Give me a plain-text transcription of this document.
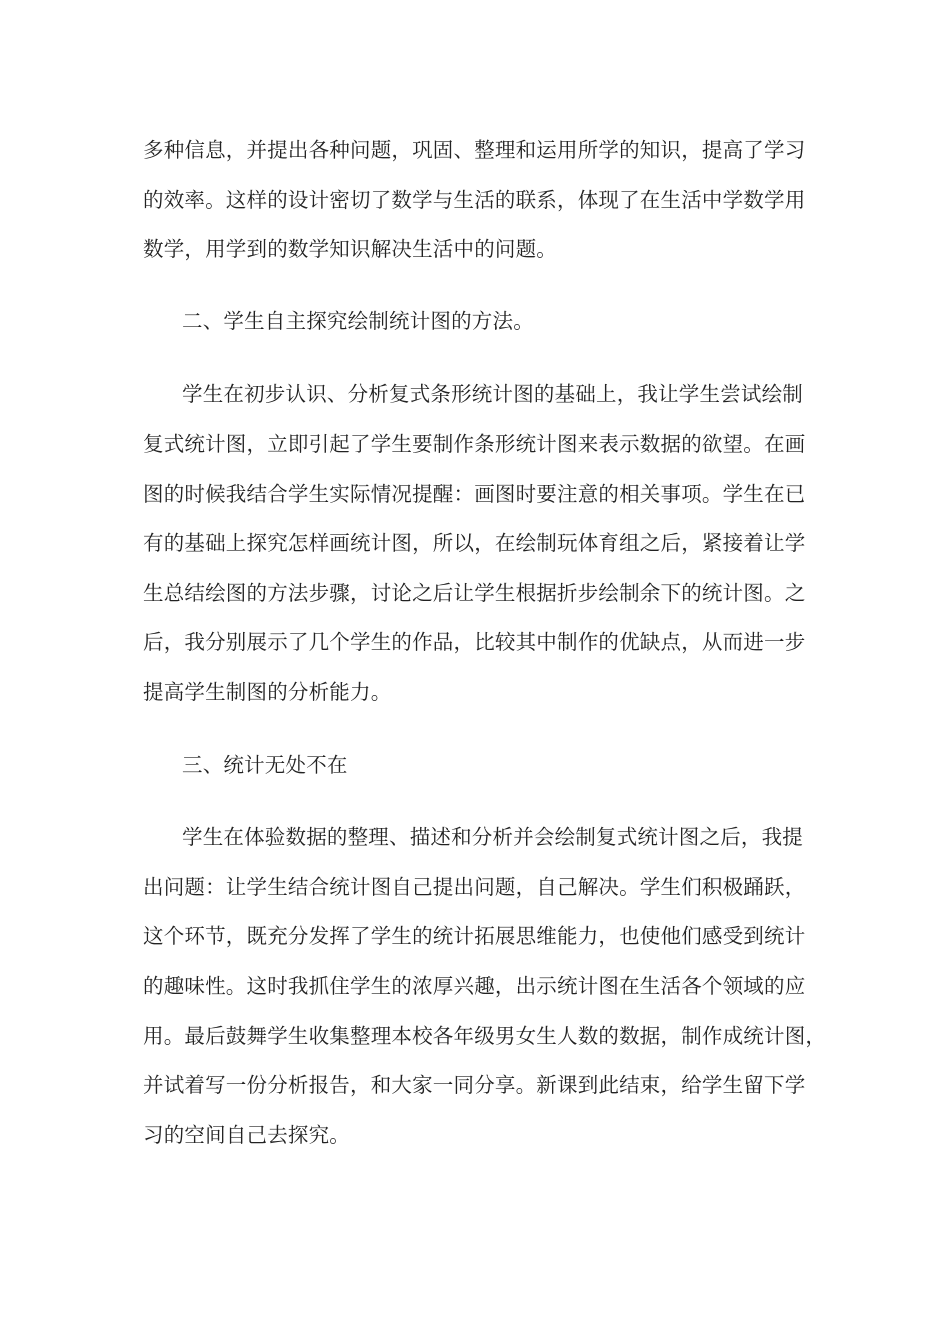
多种信息，并提出各种问题，巩固、整理和运用所学的知识，提高了学习
的效率。这样的设计密切了数学与生活的联系，体现了在生活中学数学用
数学，用学到的数学知识解决生活中的问题。
二、学生自主探究绘制统计图的方法。
学生在初步认识、分析复式条形统计图的基础上，我让学生尝试绘制
复式统计图，立即引起了学生要制作条形统计图来表示数据的欲望。在画
图的时候我结合学生实际情况提醒：画图时要注意的相关事项。学生在已
有的基础上探究怎样画统计图，所以，在绘制玩体育组之后，紧接着让学
生总结绘图的方法步骤，讨论之后让学生根据折步绘制余下的统计图。之
后，我分别展示了几个学生的作品，比较其中制作的优缺点，从而进一步
提高学生制图的分析能力。
三、统计无处不在
学生在体验数据的整理、描述和分析并会绘制复式统计图之后，我提
出问题：让学生结合统计图自己提出问题，自己解决。学生们积极踊跃，
这个环节，既充分发挥了学生的统计拓展思维能力，也使他们感受到统计
的趣味性。这时我抓住学生的浓厚兴趣，出示统计图在生活各个领域的应
用。最后鼓舞学生收集整理本校各年级男女生人数的数据，制作成统计图，
并试着写一份分析报告，和大家一同分享。新课到此结束，给学生留下学
习的空间自己去探究。
